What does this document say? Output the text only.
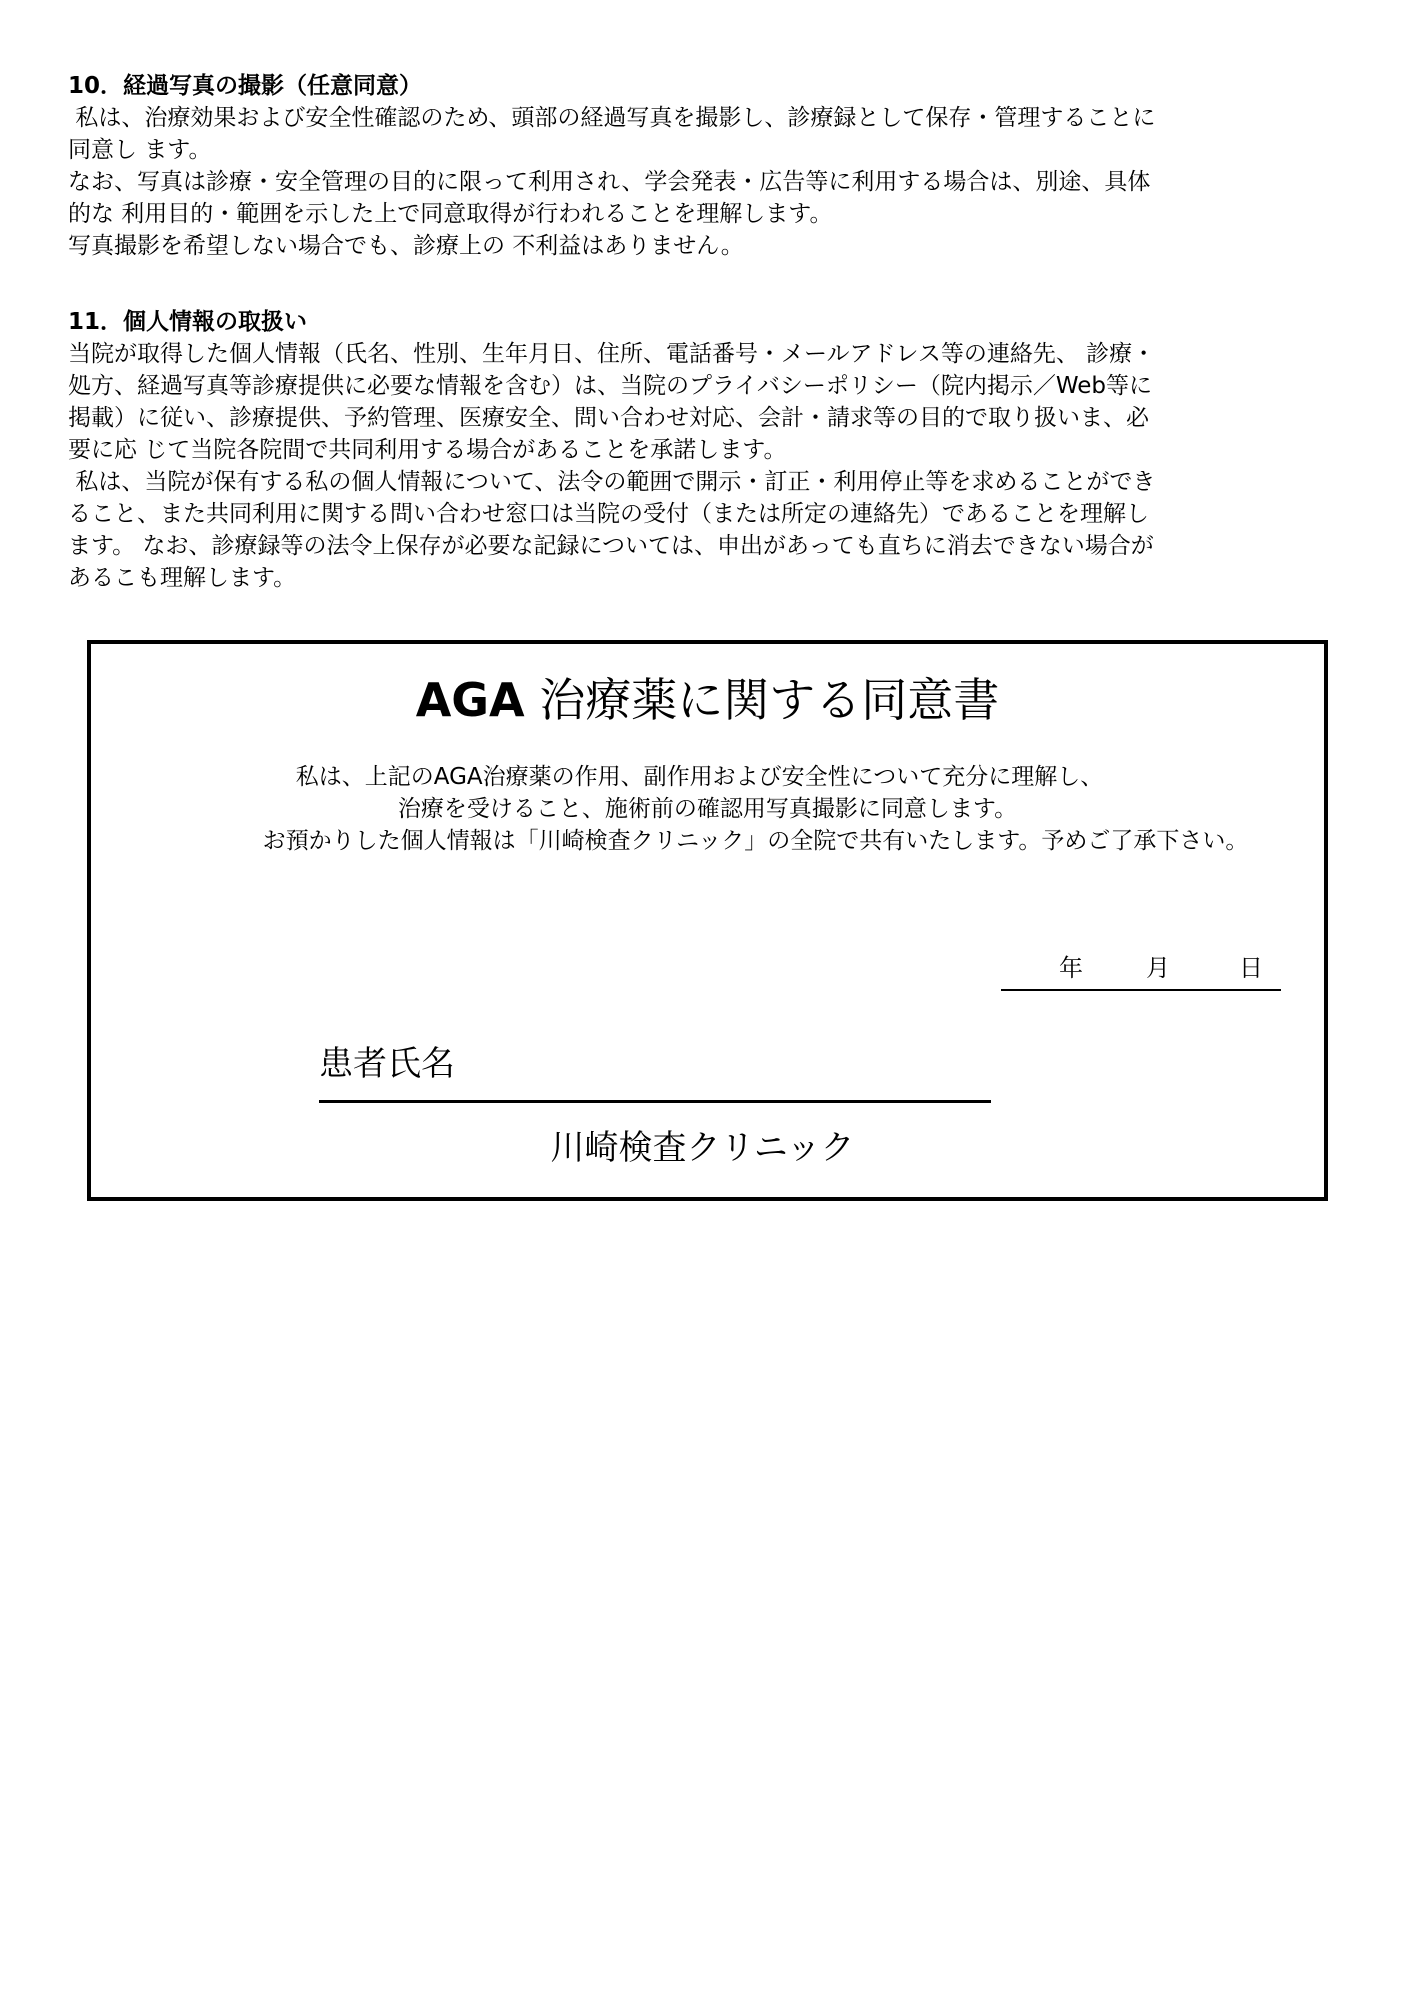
10．経過写真の撮影（任意同意）

私は、治療効果および安全性確認のため、頭部の経過写真を撮影し、診療録として保存・管理することに

同意し ます。

なお、写真は診療・安全管理の目的に限って利用され、学会発表・広告等に利用する場合は、別途、具体

的な 利用目的・範囲を示した上で同意取得が行われることを理解します。

写真撮影を希望しない場合でも、診療上の 不利益はありません。

11．個人情報の取扱い

当院が取得した個人情報（氏名、性別、生年月日、住所、電話番号・メールアドレス等の連絡先、 診療・

処方、経過写真等診療提供に必要な情報を含む）は、当院のプライバシーポリシー（院内掲示／Web等に

掲載）に従い、診療提供、予約管理、医療安全、問い合わせ対応、会計・請求等の目的で取り扱いま、必

要に応 じて当院各院間で共同利用する場合があることを承諾します。

私は、当院が保有する私の個人情報について、法令の範囲で開示・訂正・利用停止等を求めることができ

ること、また共同利用に関する問い合わせ窓口は当院の受付（または所定の連絡先）であることを理解し

ます。 なお、診療録等の法令上保存が必要な記録については、申出があっても直ちに消去できない場合が

あるこも理解します。

AGA 治療薬に関する同意書

私は、上記のAGA治療薬の作用、副作用および安全性について充分に理解し、

治療を受けること、施術前の確認用写真撮影に同意します。

お預かりした個人情報は「川崎検査クリニック」の全院で共有いたします。予めご了承下さい。

年	月	日
患者氏名
川崎検査クリニック
